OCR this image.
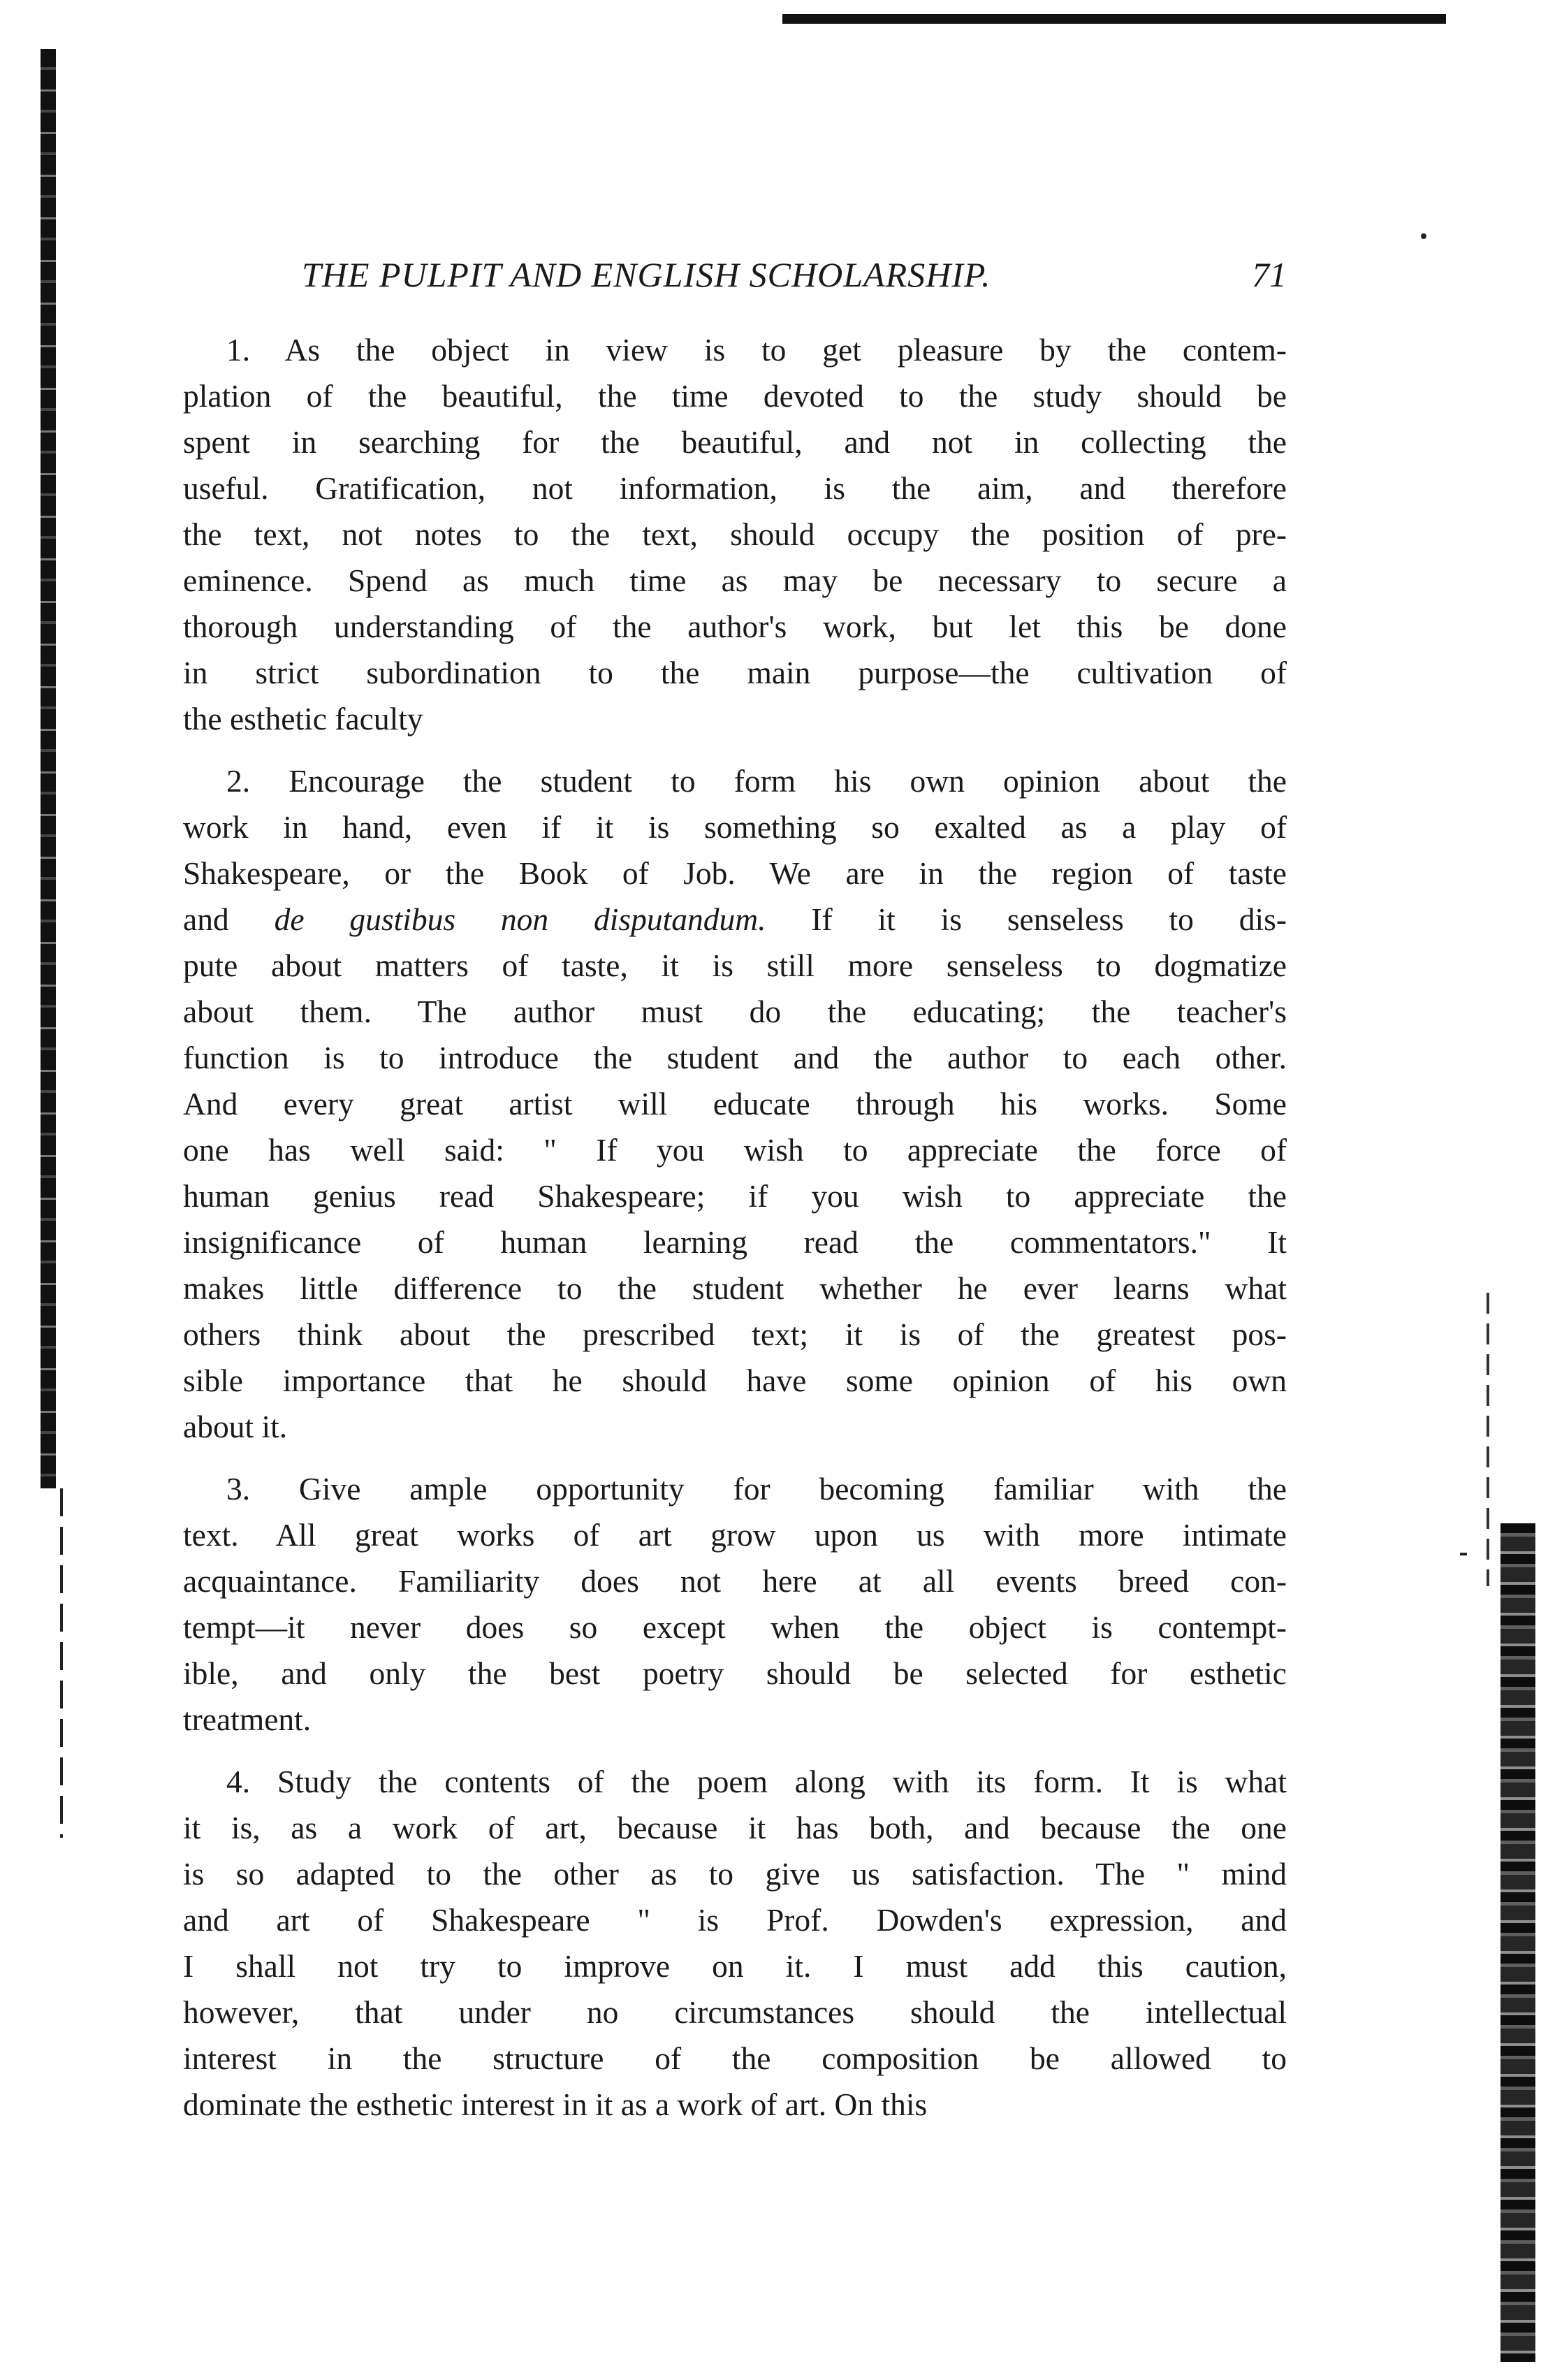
THE PULPIT AND ENGLISH SCHOLARSHIP.	71
1. As the object in view is to get pleasure by the contem-
plation of the beautiful, the time devoted to the study should be
spent in searching for the beautiful, and not in collecting the
useful. Gratification, not information, is the aim, and therefore
the text, not notes to the text, should occupy the position of pre-
eminence. Spend as much time as may be necessary to secure a
thorough understanding of the author's work, but let this be done
in strict subordination to the main purpose—the cultivation of
the esthetic faculty
2. Encourage the student to form his own opinion about the
work in hand, even if it is something so exalted as a play of
Shakespeare, or the Book of Job. We are in the region of taste
and de gustibus non disputandum. If it is senseless to dis-
pute about matters of taste, it is still more senseless to dogmatize
about them. The author must do the educating; the teacher's
function is to introduce the student and the author to each other.
And every great artist will educate through his works. Some
one has well said: " If you wish to appreciate the force of
human genius read Shakespeare; if you wish to appreciate the
insignificance of human learning read the commentators." It
makes little difference to the student whether he ever learns what
others think about the prescribed text; it is of the greatest pos-
sible importance that he should have some opinion of his own
about it.
3. Give ample opportunity for becoming familiar with the
text. All great works of art grow upon us with more intimate
acquaintance. Familiarity does not here at all events breed con-
tempt—it never does so except when the object is contempt-
ible, and only the best poetry should be selected for esthetic
treatment.
4. Study the contents of the poem along with its form. It is what
it is, as a work of art, because it has both, and because the one
is so adapted to the other as to give us satisfaction. The " mind
and art of Shakespeare " is Prof. Dowden's expression, and
I shall not try to improve on it. I must add this caution,
however, that under no circumstances should the intellectual
interest in the structure of the composition be allowed to
dominate the esthetic interest in it as a work of art. On this
